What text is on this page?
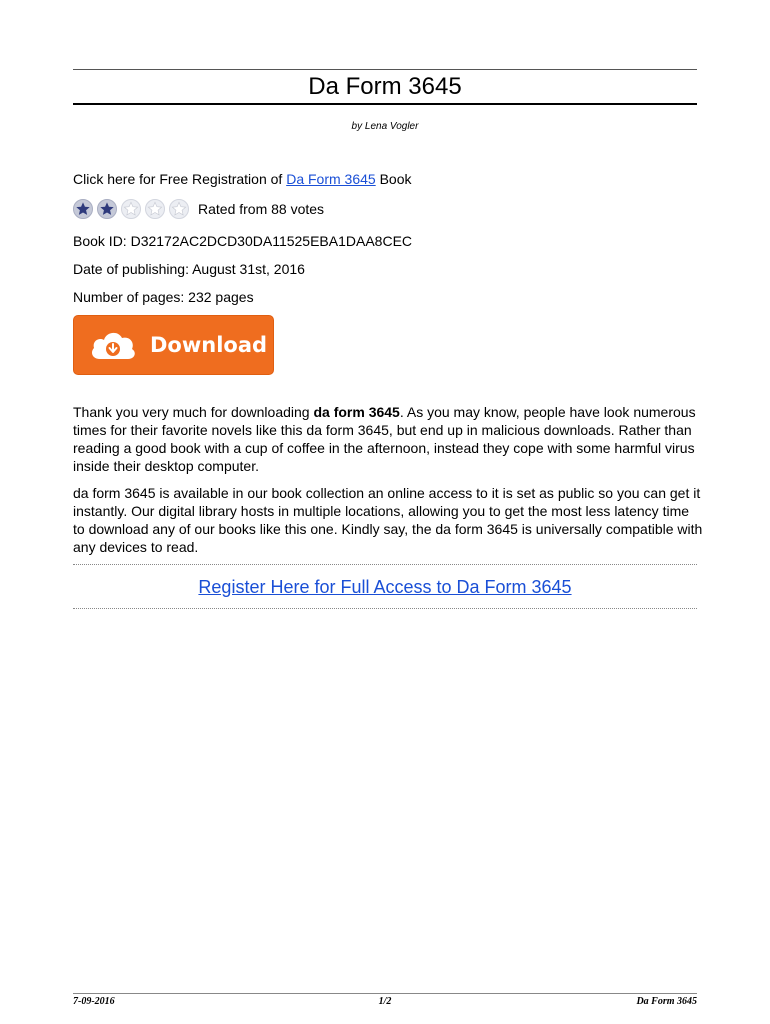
Da Form 3645
by Lena Vogler
Click here for Free Registration of Da Form 3645 Book
Rated from 88 votes
Book ID: D32172AC2DCD30DA11525EBA1DAA8CEC
Date of publishing: August 31st, 2016
Number of pages: 232 pages
Download

Thank you very much for downloading da form 3645. As you may know, people have look numerous times for their favorite novels like this da form 3645, but end up in malicious downloads. Rather than reading a good book with a cup of coffee in the afternoon, instead they cope with some harmful virus inside their desktop computer.

da form 3645 is available in our book collection an online access to it is set as public so you can get it instantly. Our digital library hosts in multiple locations, allowing you to get the most less latency time to download any of our books like this one. Kindly say, the da form 3645 is universally compatible with any devices to read.

Register Here for Full Access to Da Form 3645
7-09-2016	1/2	Da Form 3645
